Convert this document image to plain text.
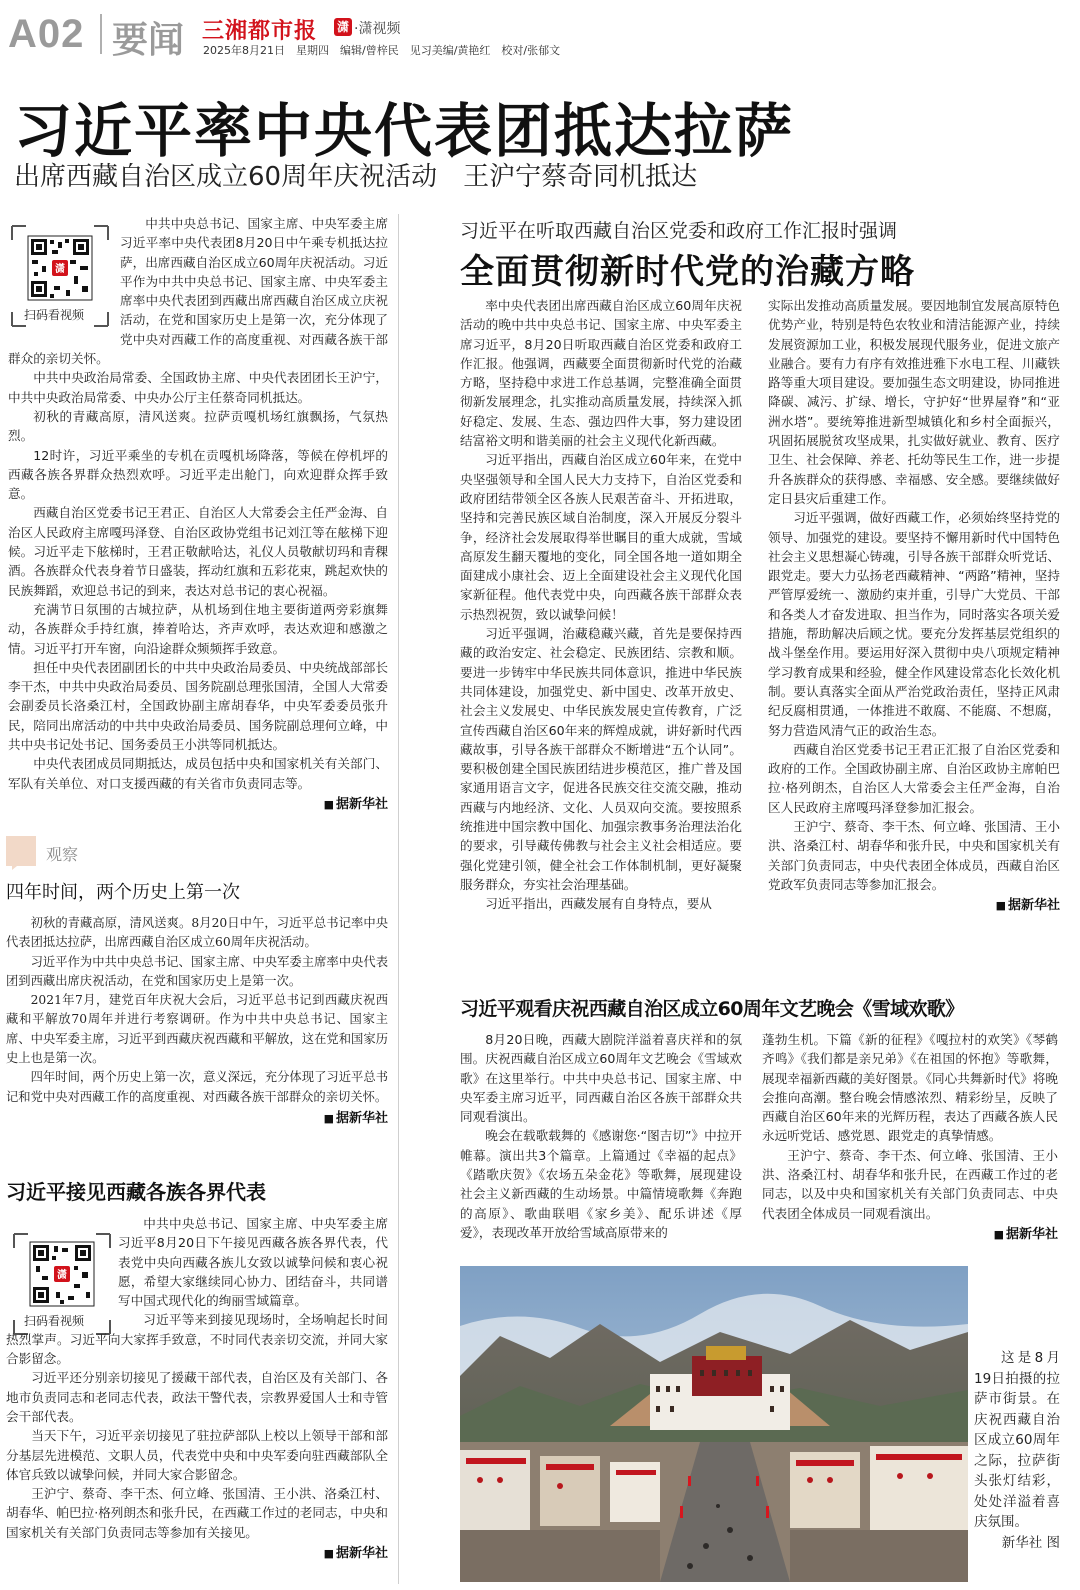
A02 要闻 三湘都市报 潇 ·潇视频
2025年8月21日　星期四　编辑/曾梓民　见习美编/黄艳红　校对/张郁文
习近平率中央代表团抵达拉萨
出席西藏自治区成立60周年庆祝活动　王沪宁蔡奇同机抵达
潇
扫码看视频

中共中央总书记、国家主席、中央军委主席习近平率中央代表团8月20日中午乘专机抵达拉萨，出席西藏自治区成立60周年庆祝活动。习近平作为中共中央总书记、国家主席、中央军委主席率中央代表团到西藏出席西藏自治区成立庆祝活动，在党和国家历史上是第一次，充分体现了党中央对西藏工作的高度重视、对西藏各族干部群众的亲切关怀。

中共中央政治局常委、全国政协主席、中央代表团团长王沪宁，中共中央政治局常委、中央办公厅主任蔡奇同机抵达。

初秋的青藏高原，清风送爽。拉萨贡嘎机场红旗飘扬，气氛热烈。

12时许，习近平乘坐的专机在贡嘎机场降落，等候在停机坪的西藏各族各界群众热烈欢呼。习近平走出舱门，向欢迎群众挥手致意。

西藏自治区党委书记王君正、自治区人大常委会主任严金海、自治区人民政府主席嘎玛泽登、自治区政协党组书记刘江等在舷梯下迎候。习近平走下舷梯时，王君正敬献哈达，礼仪人员敬献切玛和青稞酒。各族群众代表身着节日盛装，挥动红旗和五彩花束，跳起欢快的民族舞蹈，欢迎总书记的到来，表达对总书记的衷心祝福。

充满节日氛围的古城拉萨，从机场到住地主要街道两旁彩旗舞动，各族群众手持红旗，捧着哈达，齐声欢呼，表达欢迎和感激之情。习近平打开车窗，向沿途群众频频挥手致意。

担任中央代表团副团长的中共中央政治局委员、中央统战部部长李干杰，中共中央政治局委员、国务院副总理张国清，全国人大常委会副委员长洛桑江村，全国政协副主席胡春华，中央军委委员张升民，陪同出席活动的中共中央政治局委员、国务院副总理何立峰，中共中央书记处书记、国务委员王小洪等同机抵达。

中央代表团成员同期抵达，成员包括中央和国家机关有关部门、军队有关单位、对口支援西藏的有关省市负责同志等。

■ 据新华社
观察
四年时间，两个历史上第一次

初秋的青藏高原，清风送爽。8月20日中午，习近平总书记率中央代表团抵达拉萨，出席西藏自治区成立60周年庆祝活动。

习近平作为中共中央总书记、国家主席、中央军委主席率中央代表团到西藏出席庆祝活动，在党和国家历史上是第一次。

2021年7月，建党百年庆祝大会后，习近平总书记到西藏庆祝西藏和平解放70周年并进行考察调研。作为中共中央总书记、国家主席、中央军委主席，习近平到西藏庆祝西藏和平解放，这在党和国家历史上也是第一次。

四年时间，两个历史上第一次，意义深远，充分体现了习近平总书记和党中央对西藏工作的高度重视、对西藏各族干部群众的亲切关怀。

■ 据新华社
习近平接见西藏各族各界代表
潇
扫码看视频

中共中央总书记、国家主席、中央军委主席习近平8月20日下午接见西藏各族各界代表，代表党中央向西藏各族儿女致以诚挚问候和衷心祝愿，希望大家继续同心协力、团结奋斗，共同谱写中国式现代化的绚丽雪域篇章。

习近平等来到接见现场时，全场响起长时间热烈掌声。习近平向大家挥手致意，不时同代表亲切交流，并同大家合影留念。

习近平还分别亲切接见了援藏干部代表，自治区及有关部门、各地市负责同志和老同志代表，政法干警代表，宗教界爱国人士和寺管会干部代表。

当天下午，习近平亲切接见了驻拉萨部队上校以上领导干部和部分基层先进模范、文职人员，代表党中央和中央军委向驻西藏部队全体官兵致以诚挚问候，并同大家合影留念。

王沪宁、蔡奇、李干杰、何立峰、张国清、王小洪、洛桑江村、胡春华、帕巴拉·格列朗杰和张升民，在西藏工作过的老同志，中央和国家机关有关部门负责同志等参加有关接见。

■ 据新华社
习近平在听取西藏自治区党委和政府工作汇报时强调
全面贯彻新时代党的治藏方略

率中央代表团出席西藏自治区成立60周年庆祝活动的晚中共中央总书记、国家主席、中央军委主席习近平，8月20日听取西藏自治区党委和政府工作汇报。他强调，西藏要全面贯彻新时代党的治藏方略，坚持稳中求进工作总基调，完整准确全面贯彻新发展理念，扎实推动高质量发展，持续深入抓好稳定、发展、生态、强边四件大事，努力建设团结富裕文明和谐美丽的社会主义现代化新西藏。

习近平指出，西藏自治区成立60年来，在党中央坚强领导和全国人民大力支持下，自治区党委和政府团结带领全区各族人民艰苦奋斗、开拓进取，坚持和完善民族区域自治制度，深入开展反分裂斗争，经济社会发展取得举世瞩目的重大成就，雪域高原发生翻天覆地的变化，同全国各地一道如期全面建成小康社会、迈上全面建设社会主义现代化国家新征程。他代表党中央，向西藏各族干部群众表示热烈祝贺，致以诚挚问候！

习近平强调，治藏稳藏兴藏，首先是要保持西藏的政治安定、社会稳定、民族团结、宗教和顺。要进一步铸牢中华民族共同体意识，推进中华民族共同体建设，加强党史、新中国史、改革开放史、社会主义发展史、中华民族发展史宣传教育，广泛宣传西藏自治区60年来的辉煌成就，讲好新时代西藏故事，引导各族干部群众不断增进“五个认同”。要积极创建全国民族团结进步模范区，推广普及国家通用语言文字，促进各民族交往交流交融，推动西藏与内地经济、文化、人员双向交流。要按照系统推进中国宗教中国化、加强宗教事务治理法治化的要求，引导藏传佛教与社会主义社会相适应。要强化党建引领，健全社会工作体制机制，更好凝聚服务群众，夯实社会治理基础。

习近平指出，西藏发展有自身特点，要从

实际出发推动高质量发展。要因地制宜发展高原特色优势产业，特别是特色农牧业和清洁能源产业，持续发展资源加工业，积极发展现代服务业，促进文旅产业融合。要有力有序有效推进雅下水电工程、川藏铁路等重大项目建设。要加强生态文明建设，协同推进降碳、减污、扩绿、增长，守护好“世界屋脊”和“亚洲水塔”。要统筹推进新型城镇化和乡村全面振兴，巩固拓展脱贫攻坚成果，扎实做好就业、教育、医疗卫生、社会保障、养老、托幼等民生工作，进一步提升各族群众的获得感、幸福感、安全感。要继续做好定日县灾后重建工作。

习近平强调，做好西藏工作，必须始终坚持党的领导、加强党的建设。要坚持不懈用新时代中国特色社会主义思想凝心铸魂，引导各族干部群众听党话、跟党走。要大力弘扬老西藏精神、“两路”精神，坚持严管厚爱统一、激励约束并重，引导广大党员、干部和各类人才奋发进取、担当作为，同时落实各项关爱措施，帮助解决后顾之忧。要充分发挥基层党组织的战斗堡垒作用。要运用好深入贯彻中央八项规定精神学习教育成果和经验，健全作风建设常态化长效化机制。要认真落实全面从严治党政治责任，坚持正风肃纪反腐相贯通，一体推进不敢腐、不能腐、不想腐，努力营造风清气正的政治生态。

西藏自治区党委书记王君正汇报了自治区党委和政府的工作。全国政协副主席、自治区政协主席帕巴拉·格列朗杰，自治区人大常委会主任严金海，自治区人民政府主席嘎玛泽登参加汇报会。

王沪宁、蔡奇、李干杰、何立峰、张国清、王小洪、洛桑江村、胡春华和张升民，中央和国家机关有关部门负责同志，中央代表团全体成员，西藏自治区党政军负责同志等参加汇报会。

■ 据新华社
习近平观看庆祝西藏自治区成立60周年文艺晚会《雪域欢歌》

8月20日晚，西藏大剧院洋溢着喜庆祥和的氛围。庆祝西藏自治区成立60周年文艺晚会《雪域欢歌》在这里举行。中共中央总书记、国家主席、中央军委主席习近平，同西藏自治区各族干部群众共同观看演出。

晚会在载歌载舞的《感谢您·“图吉切”》中拉开帷幕。演出共3个篇章。上篇通过《幸福的起点》《踏歌庆贺》《农场五朵金花》等歌舞，展现建设社会主义新西藏的生动场景。中篇情境歌舞《奔跑的高原》、歌曲联唱《家乡美》、配乐讲述《厚爱》，表现改革开放给雪域高原带来的

蓬勃生机。下篇《新的征程》《嘎拉村的欢笑》《琴鹤齐鸣》《我们都是亲兄弟》《在祖国的怀抱》等歌舞，展现幸福新西藏的美好图景。《同心共舞新时代》将晚会推向高潮。整台晚会情感浓烈、精彩纷呈，反映了西藏自治区60年来的光辉历程，表达了西藏各族人民永远听党话、感党恩、跟党走的真挚情感。

王沪宁、蔡奇、李干杰、何立峰、张国清、王小洪、洛桑江村、胡春华和张升民，在西藏工作过的老同志，以及中央和国家机关有关部门负责同志、中央代表团全体成员一同观看演出。

■ 据新华社

这是8月19日拍摄的拉萨市街景。在庆祝西藏自治区成立60周年之际，拉萨街头张灯结彩，处处洋溢着喜庆氛围。

新华社 图
